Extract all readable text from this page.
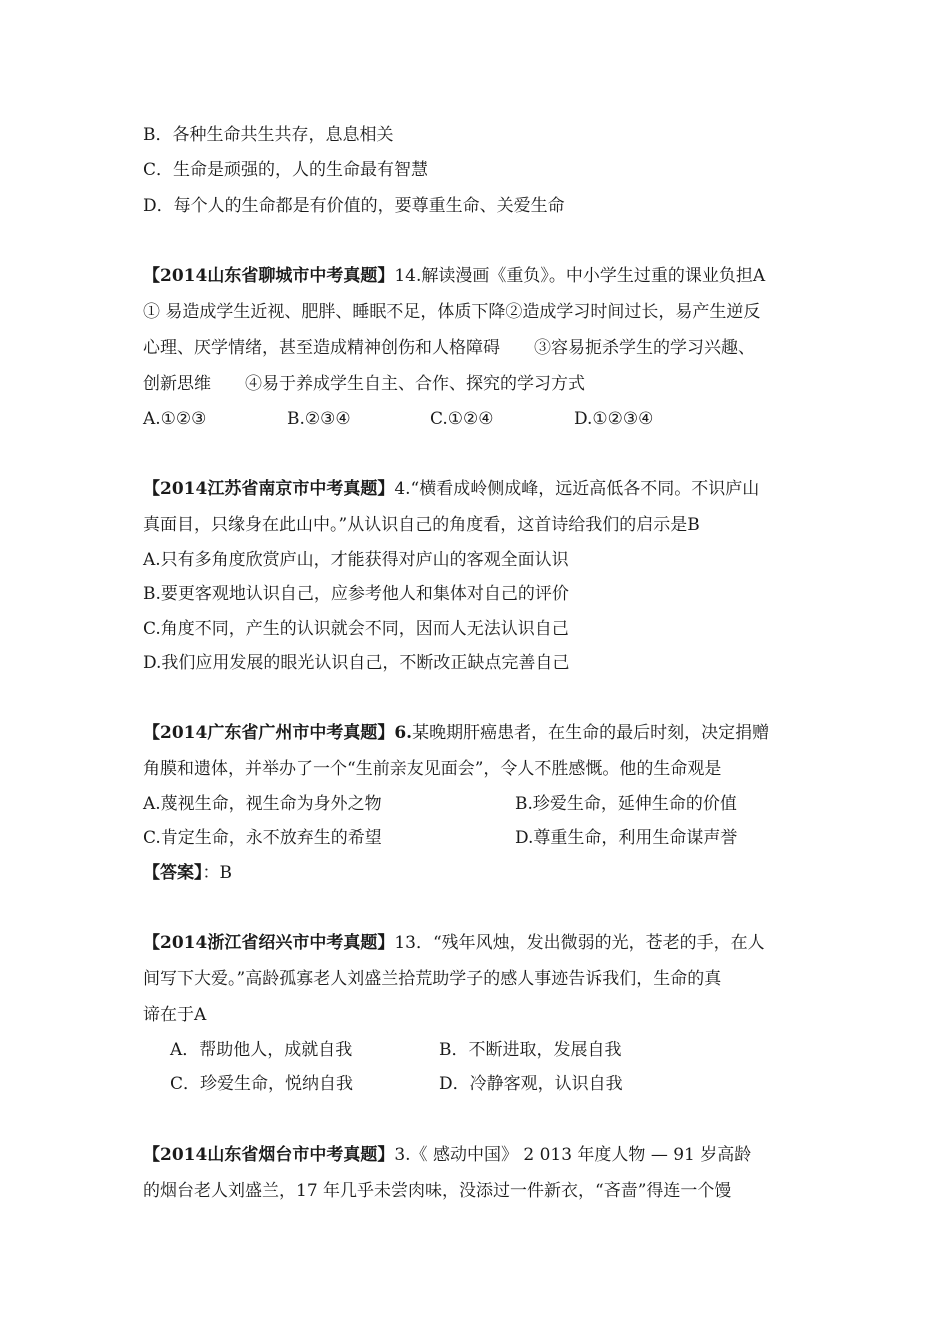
B．各种生命共生共存，息息相关
C．生命是顽强的，人的生命最有智慧
D．每个人的生命都是有价值的，要尊重生命、关爱生命
【2014山东省聊城市中考真题】14.解读漫画《重负》。中小学生过重的课业负担A
① 易造成学生近视、肥胖、睡眠不足，体质下降②造成学习时间过长，易产生逆反
心理、厌学情绪，甚至造成精神创伤和人格障碍　　③容易扼杀学生的学习兴趣、
创新思维　　④易于养成学生自主、合作、探究的学习方式
A.①②③	B.②③④	C.①②④	D.①②③④
【2014江苏省南京市中考真题】4.“横看成岭侧成峰，远近高低各不同。不识庐山
真面目，只缘身在此山中。”从认识自己的角度看，这首诗给我们的启示是B
A.只有多角度欣赏庐山，才能获得对庐山的客观全面认识
B.要更客观地认识自己，应参考他人和集体对自己的评价
C.角度不同，产生的认识就会不同，因而人无法认识自己
D.我们应用发展的眼光认识自己，不断改正缺点完善自己
【2014广东省广州市中考真题】6.某晚期肝癌患者，在生命的最后时刻，决定捐赠
角膜和遗体，并举办了一个“生前亲友见面会”，令人不胜感慨。他的生命观是
A.蔑视生命，视生命为身外之物	B.珍爱生命，延伸生命的价值
C.肯定生命，永不放弃生的希望	D.尊重生命，利用生命谋声誉
【答案】：B
【2014浙江省绍兴市中考真题】13．“残年风烛，发出微弱的光，苍老的手，在人
间写下大爱。”高龄孤寡老人刘盛兰拾荒助学子的感人事迹告诉我们，生命的真
谛在于A
A．帮助他人，成就自我	B．不断进取，发展自我
C．珍爱生命，悦纳自我	D．冷静客观，认识自我
【2014山东省烟台市中考真题】3.《 感动中国》 2 013 年度人物 — 91 岁高龄
的烟台老人刘盛兰，17 年几乎未尝肉味，没添过一件新衣，“吝啬”得连一个馒
